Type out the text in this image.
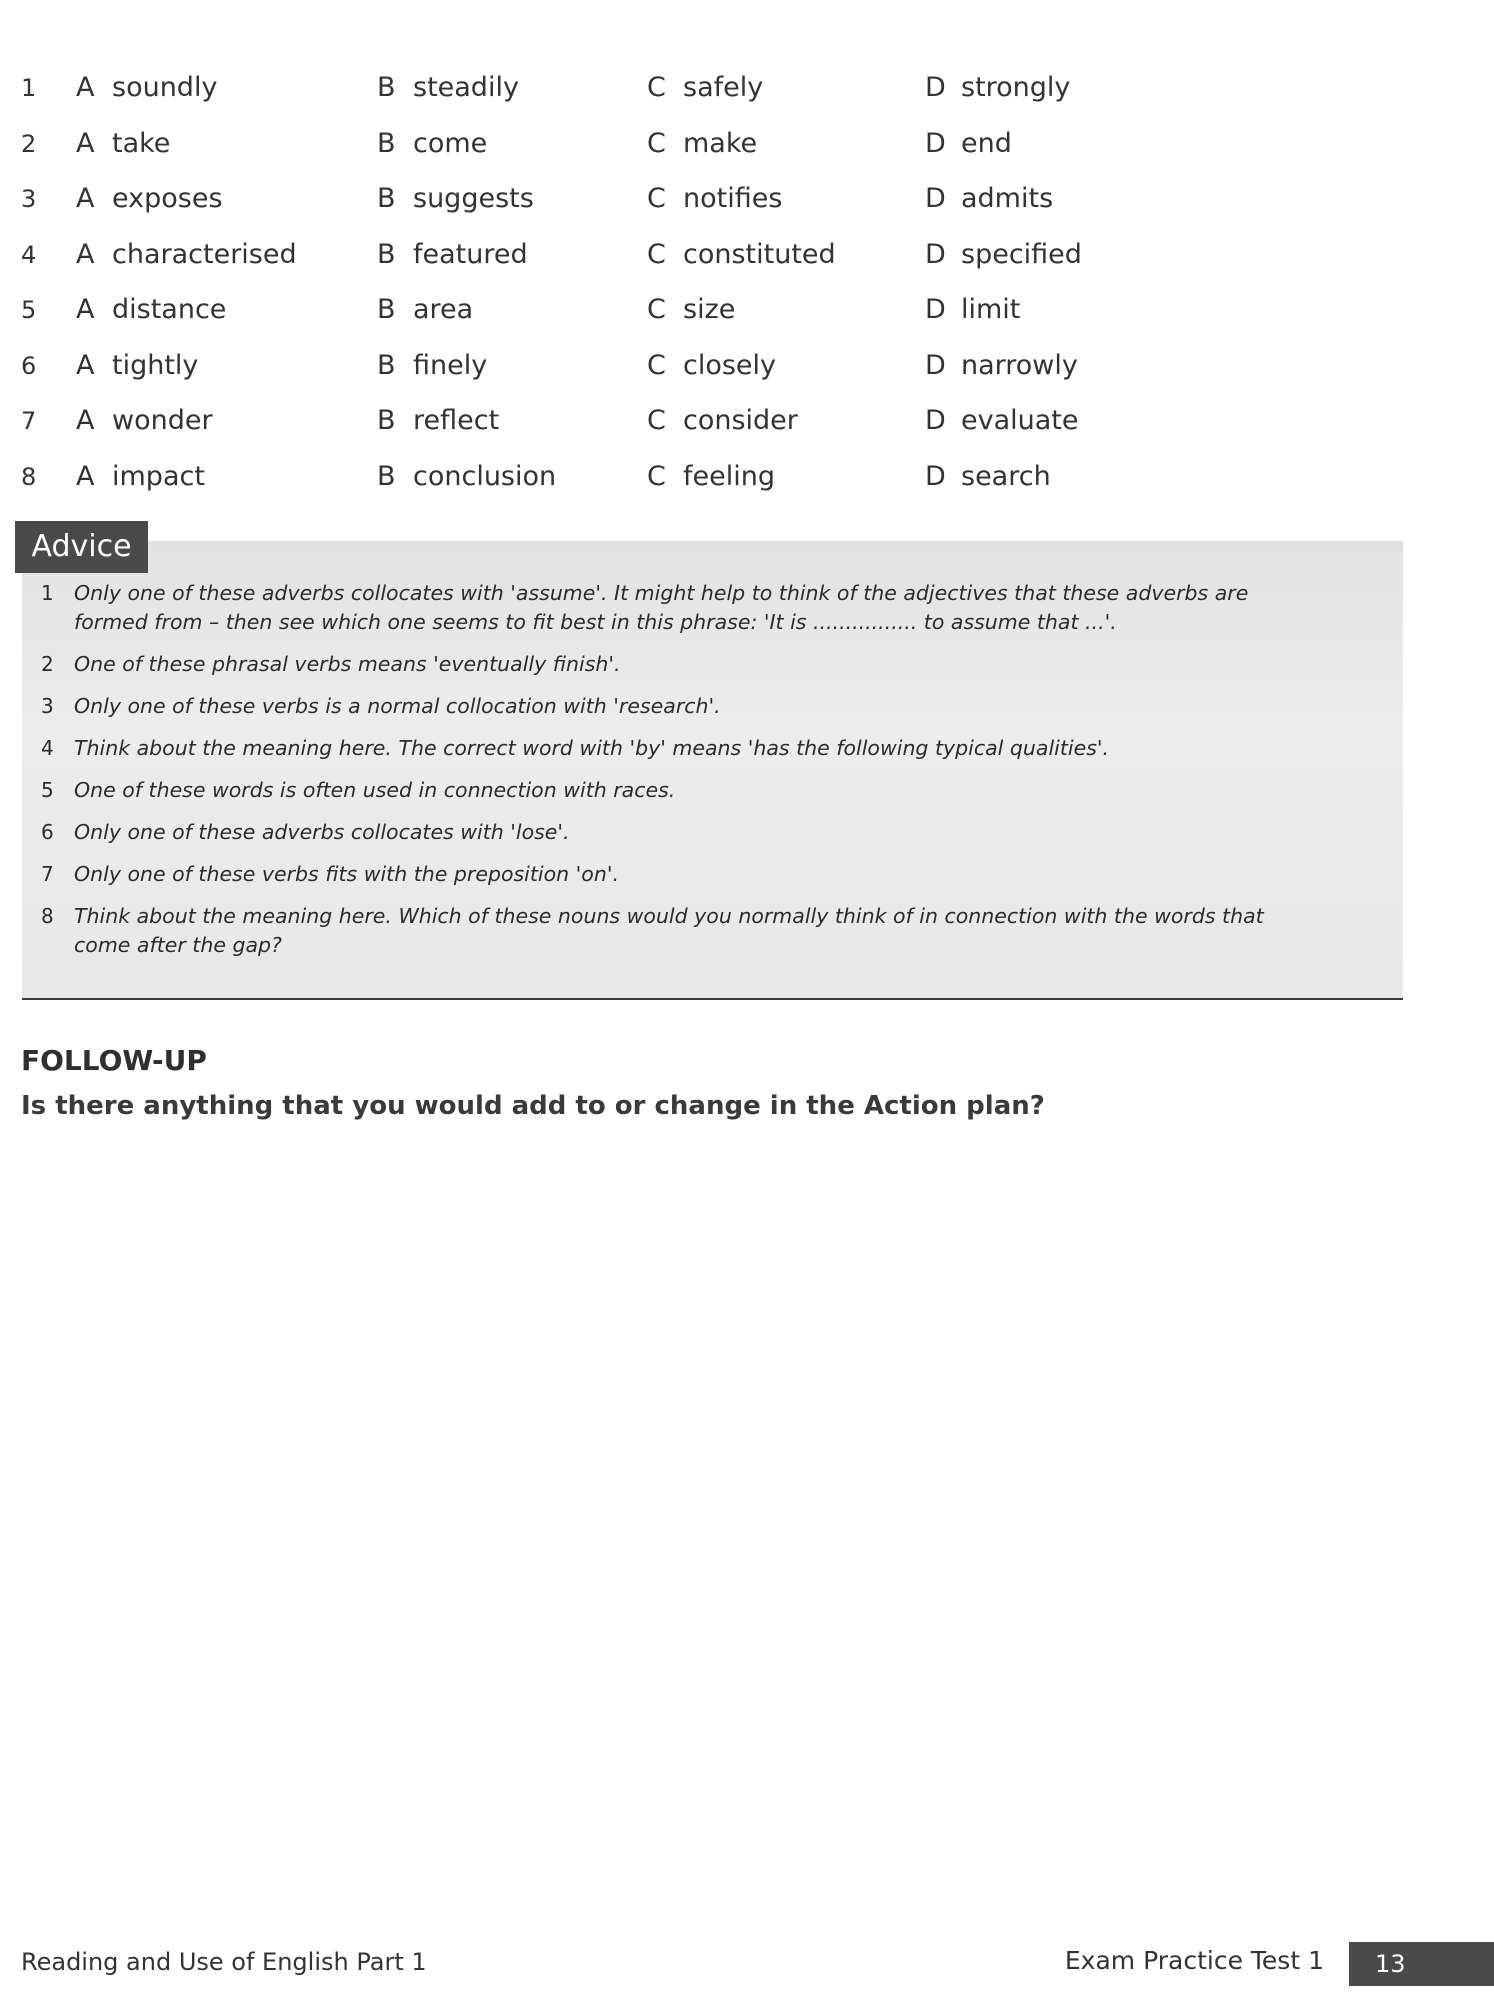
1 A soundly	B steadily	C safely	D strongly
2 A take	B come	C make	D end
3 A exposes	B suggests	C notifies	D admits
4 A characterised	B featured	C constituted	D specified
5 A distance	B area	C size	D limit
6 A tightly	B finely	C closely	D narrowly
7 A wonder	B reflect	C consider	D evaluate
8 A impact	B conclusion	C feeling	D search
Advice
1 Only one of these adverbs collocates with 'assume'. It might help to think of the adjectives that these adverbs are formed from – then see which one seems to fit best in this phrase: 'It is ................ to assume that ...'.
2 One of these phrasal verbs means 'eventually finish'.
3 Only one of these verbs is a normal collocation with 'research'.
4 Think about the meaning here. The correct word with 'by' means 'has the following typical qualities'.
5 One of these words is often used in connection with races.
6 Only one of these adverbs collocates with 'lose'.
7 Only one of these verbs fits with the preposition 'on'.
8 Think about the meaning here. Which of these nouns would you normally think of in connection with the words that come after the gap?
FOLLOW-UP
Is there anything that you would add to or change in the Action plan?
Reading and Use of English Part 1	Exam Practice Test 1	13
